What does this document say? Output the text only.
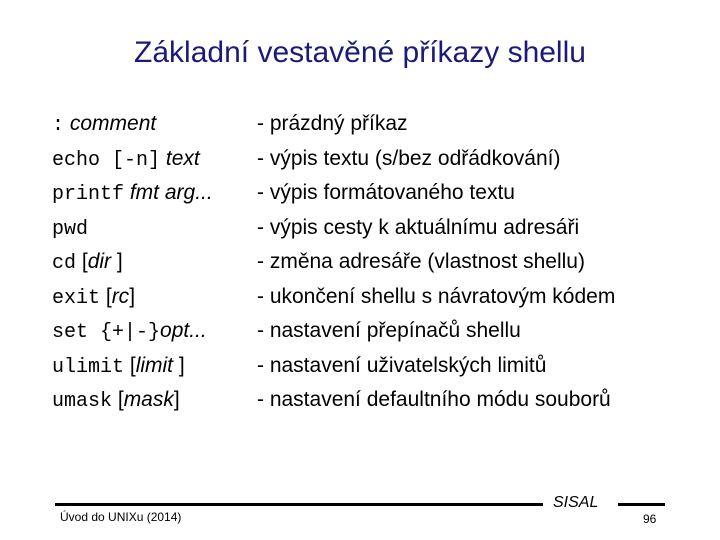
Základní vestavěné příkazy shellu
: comment	- prázdný příkaz
echo [-n] text	- výpis textu (s/bez odřádkování)
printf fmt arg... - výpis formátovaného textu
pwd	- výpis cesty k aktuálnímu adresáři
cd [dir ]	- změna adresáře (vlastnost shellu)
exit [rc]	- ukončení shellu s návratovým kódem
set {+|-}opt... - nastavení přepínačů shellu
ulimit [limit ]	- nastavení uživatelských limitů
umask [mask]	- nastavení defaultního módu souborů
Úvod do UNIXu (2014)
SISAL
96
